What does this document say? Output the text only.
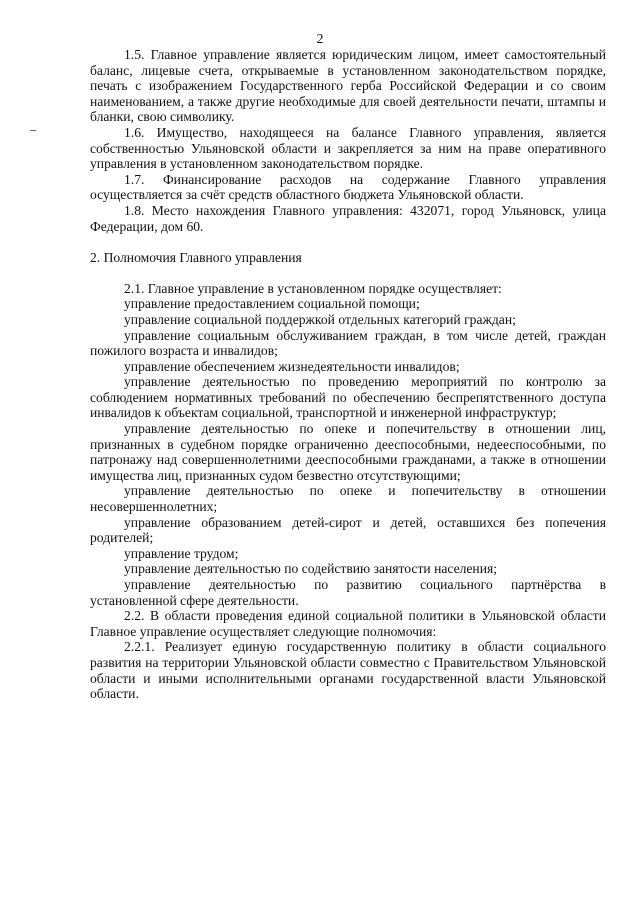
2

1.5. Главное управление является юридическим лицом, имеет самостоятельный баланс, лицевые счета, открываемые в установленном законодательством порядке, печать с изображением Государственного герба Российской Федерации и со своим наименованием, а также другие необходимые для своей деятельности печати, штампы и бланки, свою символику.

1.6. Имущество, находящееся на балансе Главного управления, является собственностью Ульяновской области и закрепляется за ним на праве оперативного управления в установленном законодательством порядке.

1.7. Финансирование расходов на содержание Главного управления осуществляется за счёт средств областного бюджета Ульяновской области.

1.8. Место нахождения Главного управления: 432071, город Ульяновск, улица Федерации, дом 60.

2. Полномочия Главного управления

2.1. Главное управление в установленном порядке осуществляет:

управление предоставлением социальной помощи;

управление социальной поддержкой отдельных категорий граждан;

управление социальным обслуживанием граждан, в том числе детей, граждан пожилого возраста и инвалидов;

управление обеспечением жизнедеятельности инвалидов;

управление деятельностью по проведению мероприятий по контролю за соблюдением нормативных требований по обеспечению беспрепятственного доступа инвалидов к объектам социальной, транспортной и инженерной инфраструктур;

управление деятельностью по опеке и попечительству в отношении лиц, признанных в судебном порядке ограниченно дееспособными, недееспособными, по патронажу над совершеннолетними дееспособными гражданами, а также в отношении имущества лиц, признанных судом безвестно отсутствующими;

управление деятельностью по опеке и попечительству в отношении несовершеннолетних;

управление образованием детей-сирот и детей, оставшихся без попечения родителей;

управление трудом;

управление деятельностью по содействию занятости населения;

управление деятельностью по развитию социального партнёрства в установленной сфере деятельности.

2.2. В области проведения единой социальной политики в Ульяновской области Главное управление осуществляет следующие полномочия:

2.2.1. Реализует единую государственную политику в области социального развития на территории Ульяновской области совместно с Правительством Ульяновской области и иными исполнительными органами государственной власти Ульяновской области.
